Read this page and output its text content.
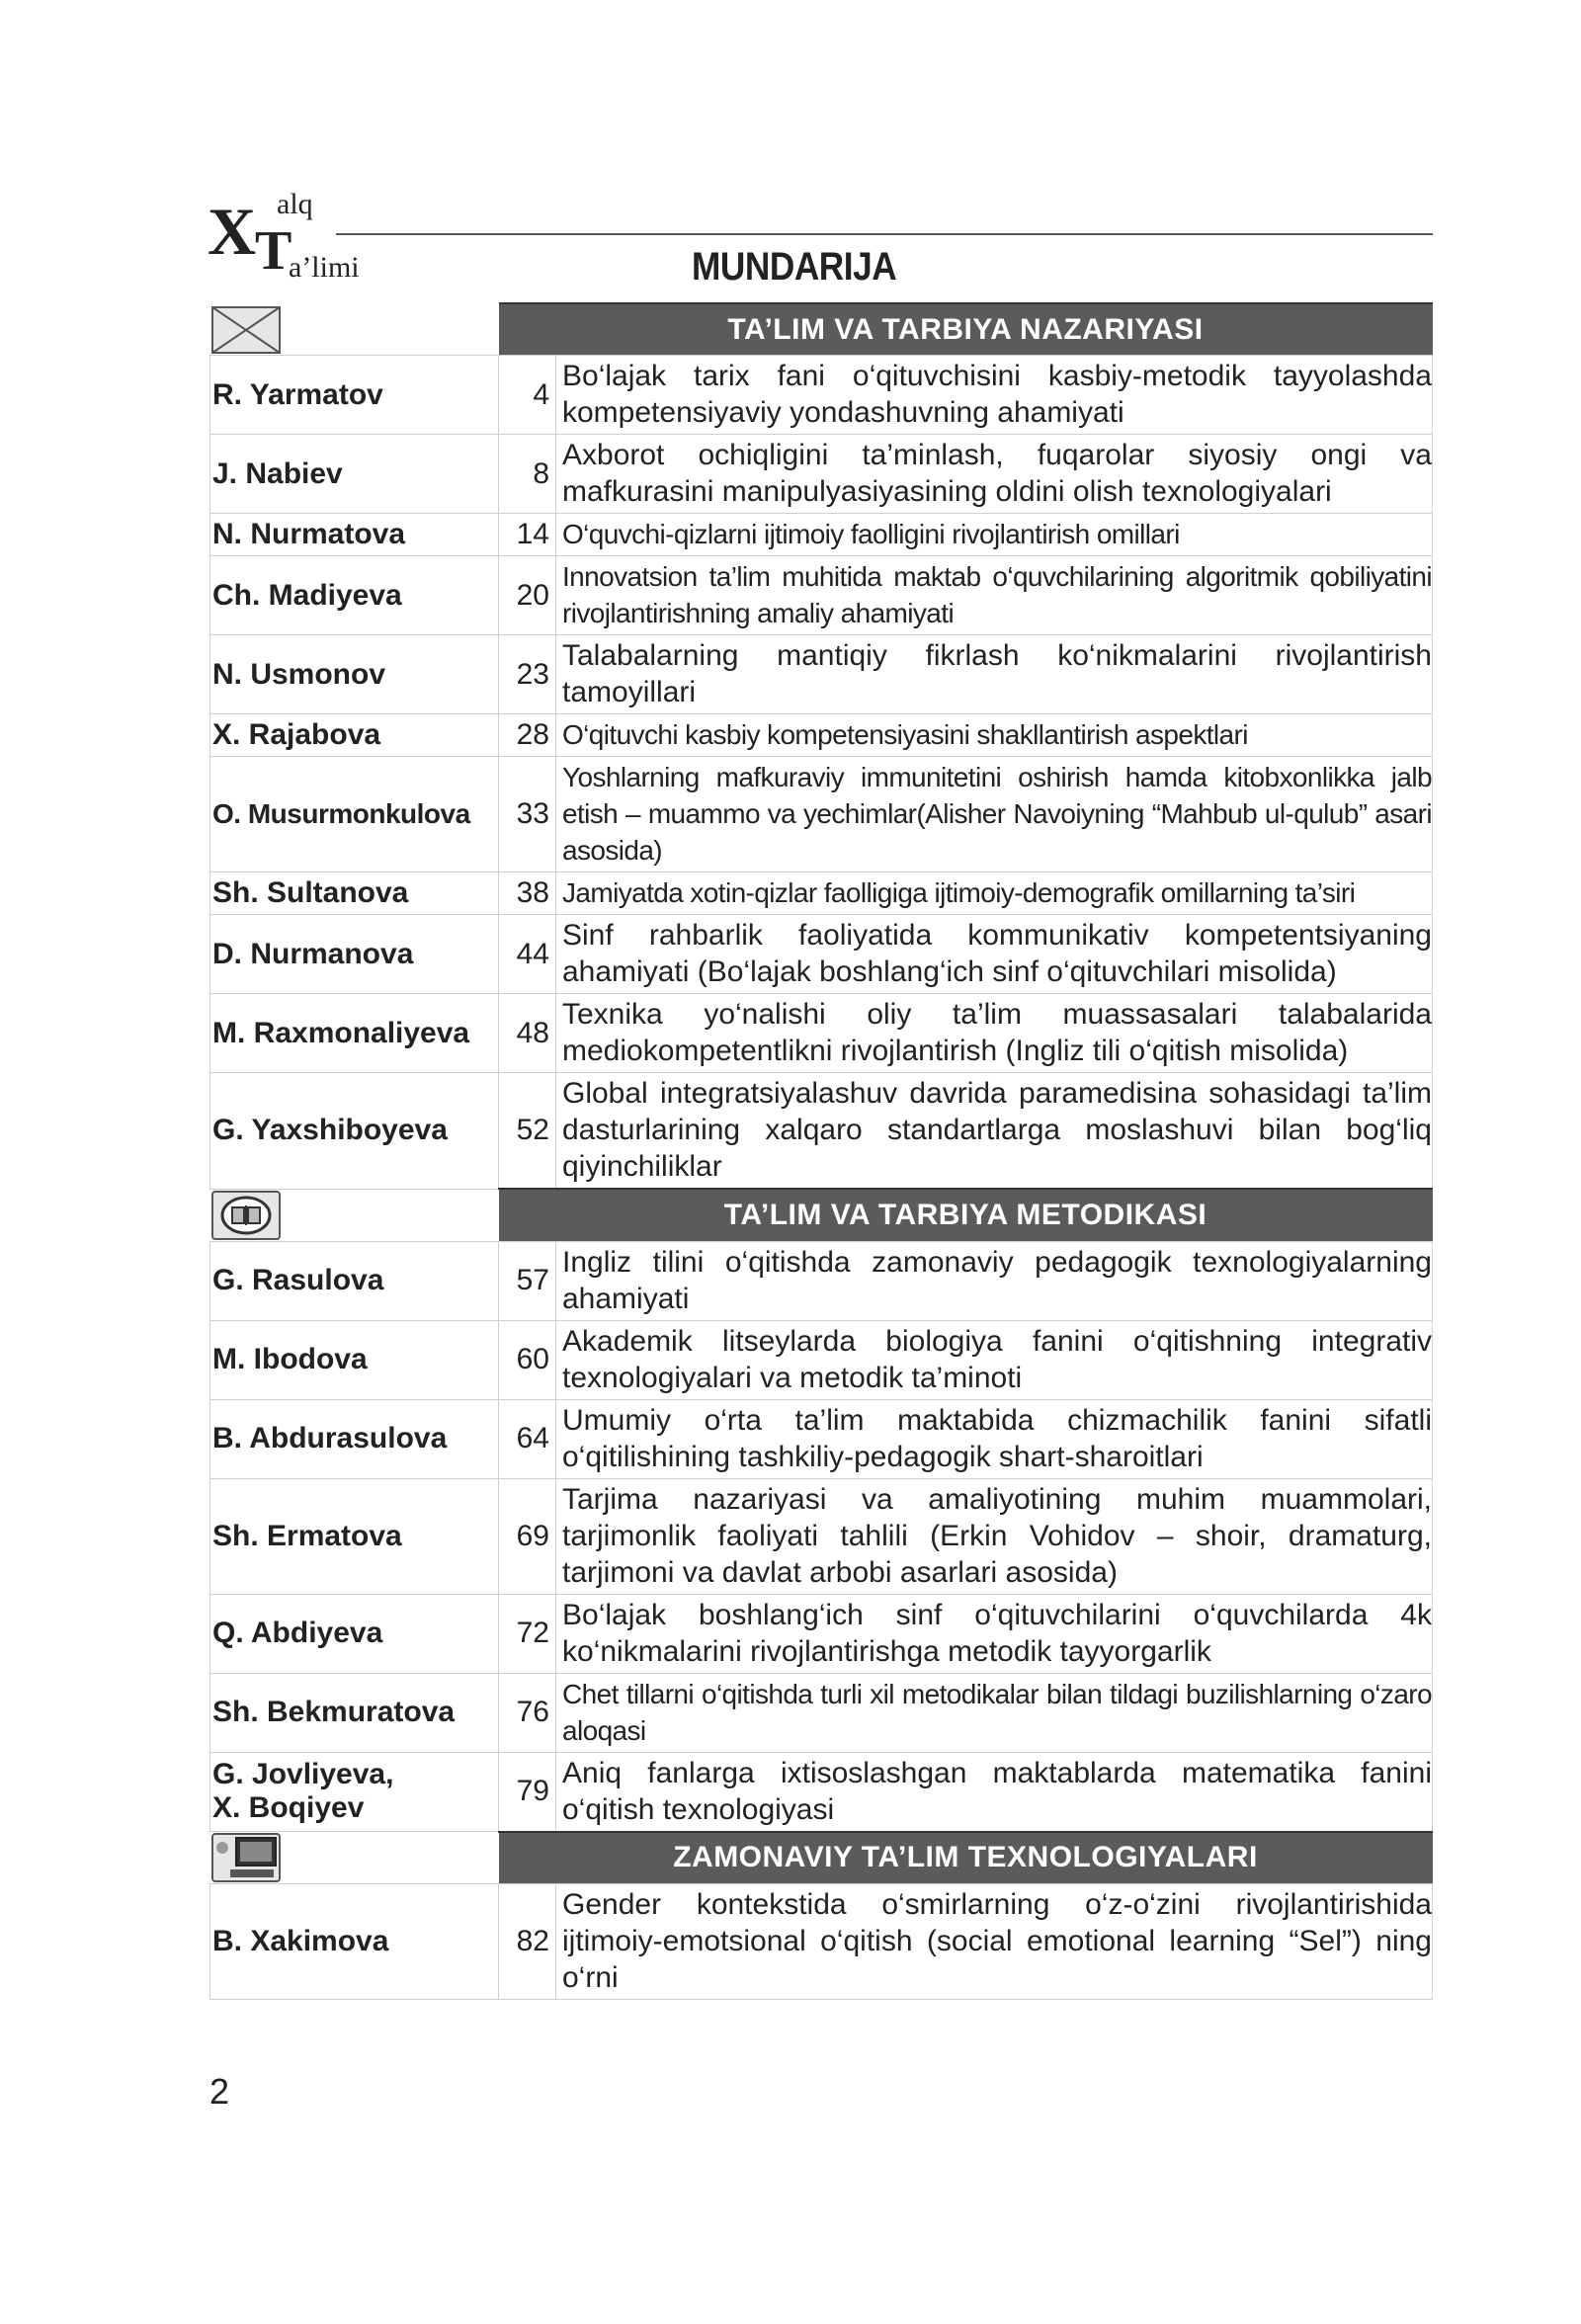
X alq
T
a’limi	MUNDARIJA
	TA’LIM VA TARBIYA NAZARIYASI	
R. Yarmatov	4	Bo‘lajak tarix fani o‘qituvchisini kasbiy-metodik tayyolashda kompetensiyaviy yondashuvning ahamiyati
J. Nabiev	8	Axborot ochiqligini ta’minlash, fuqarolar siyosiy ongi va mafkurasini manipulyasiyasining oldini olish texnologiyalari
N. Nurmatova	14	O‘quvchi-qizlarni ijtimoiy faolligini rivojlantirish omillari
Ch. Madiyeva	20	Innovatsion ta’lim muhitida maktab o‘quvchilarining algoritmik qobiliyatini rivojlantirishning amaliy ahamiyati
N. Usmonov	23	Talabalarning mantiqiy fikrlash ko‘nikmalarini rivojlantirish tamoyillari
X. Rajabova	28	O‘qituvchi kasbiy kompetensiyasini shakllantirish aspektlari
O. Musurmonkulova	33	Yoshlarning mafkuraviy immunitetini oshirish hamda kitobxonlikka jalb etish – muammo va yechimlar(Alisher Navoiyning “Mahbub ul-qulub” asari asosida)
Sh. Sultanova	38	Jamiyatda xotin-qizlar faolligiga ijtimoiy-demografik omillarning ta’siri
D. Nurmanova	44	Sinf rahbarlik faoliyatida kommunikativ kompetentsiyaning ahamiyati (Bo‘lajak boshlang‘ich sinf o‘qituvchilari misolida)
M. Raxmonaliyeva	48	Texnika yo‘nalishi oliy ta’lim muassasalari talabalarida mediokompetentlikni rivojlantirish (Ingliz tili o‘qitish misolida)
G. Yaxshiboyeva	52	Global integratsiyalashuv davrida paramedisina sohasidagi ta’lim dasturlarining xalqaro standartlarga moslashuvi bilan bog‘liq qiyinchiliklar
	TA’LIM VA TARBIYA METODIKASI	
G. Rasulova	57	Ingliz tilini o‘qitishda zamonaviy pedagogik texnologiyalarning ahamiyati
M. Ibodova	60	Akademik litseylarda biologiya fanini o‘qitishning integrativ texnologiyalari va metodik ta’minoti
B. Abdurasulova	64	Umumiy o‘rta ta’lim maktabida chizmachilik fanini sifatli o‘qitilishining tashkiliy-pedagogik shart-sharoitlari
Sh. Ermatova	69	Tarjima nazariyasi va amaliyotining muhim muammolari, tarjimonlik faoliyati tahlili (Erkin Vohidov – shoir, dramaturg, tarjimoni va davlat arbobi asarlari asosida)
Q. Abdiyeva	72	Bo‘lajak boshlang‘ich sinf o‘qituvchilarini o‘quvchilarda 4k ko‘nikmalarini rivojlantirishga metodik tayyorgarlik
Sh. Bekmuratova	76	Chet tillarni o‘qitishda turli xil metodikalar bilan tildagi buzilishlarning o‘zaro aloqasi

G. Jovliyeva,
X. Boqiyev	79	Aniq fanlarga ixtisoslashgan maktablarda matematika fanini o‘qitish texnologiyasi
	ZAMONAVIY TA’LIM TEXNOLOGIYALARI	
B. Xakimova	82	Gender kontekstida o‘smirlarning o‘z-o‘zini rivojlantirishida ijtimoiy-emotsional o‘qitish (social emotional learning “Sel”) ning o‘rni
2
